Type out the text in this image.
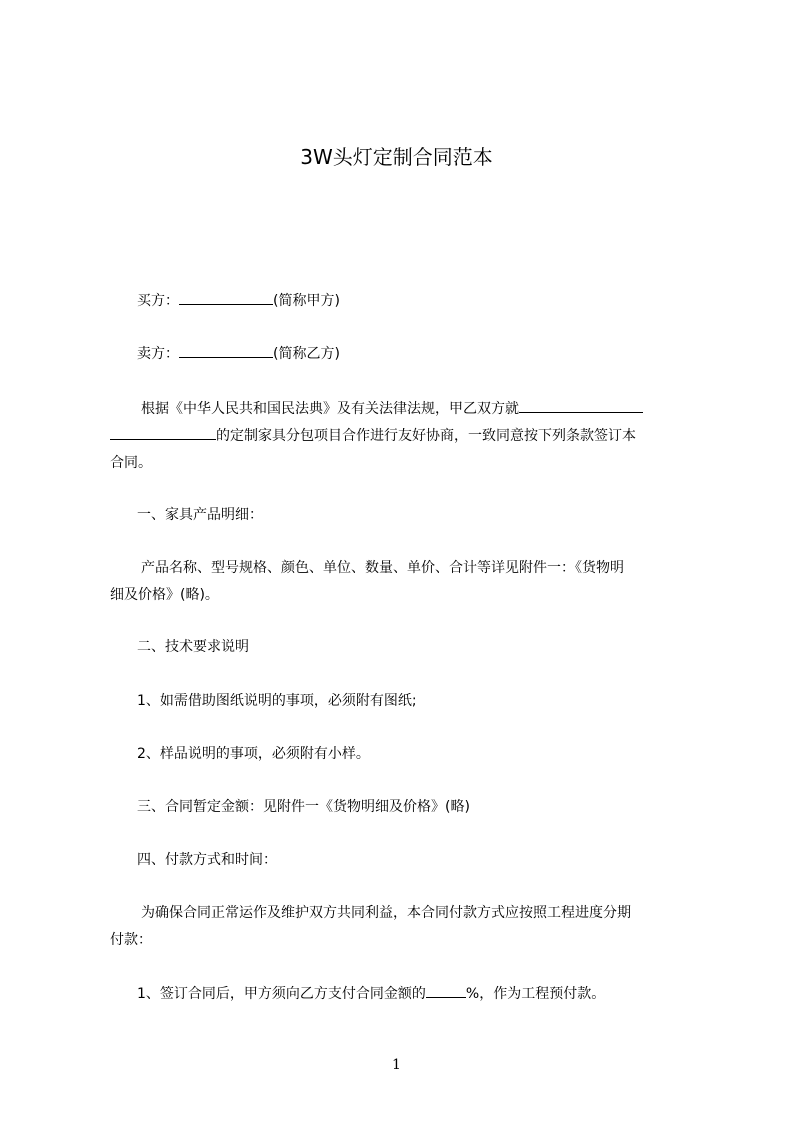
3W头灯定制合同范本

买方：	(简称甲方)

卖方：	(简称乙方)

根据《中华人民共和国民法典》及有关法律法规，甲乙双方就

的定制家具分包项目合作进行友好协商，一致同意按下列条款签订本

合同。

一、家具产品明细：

产品名称、型号规格、颜色、单位、数量、单价、合计等详见附件一：《货物明

细及价格》(略)。

二、技术要求说明

1、如需借助图纸说明的事项，必须附有图纸;

2、样品说明的事项，必须附有小样。

三、合同暂定金额：见附件一《货物明细及价格》(略)

四、付款方式和时间：

为确保合同正常运作及维护双方共同利益，本合同付款方式应按照工程进度分期

付款：

1、签订合同后，甲方须向乙方支付合同金额的	%，作为工程预付款。

1
